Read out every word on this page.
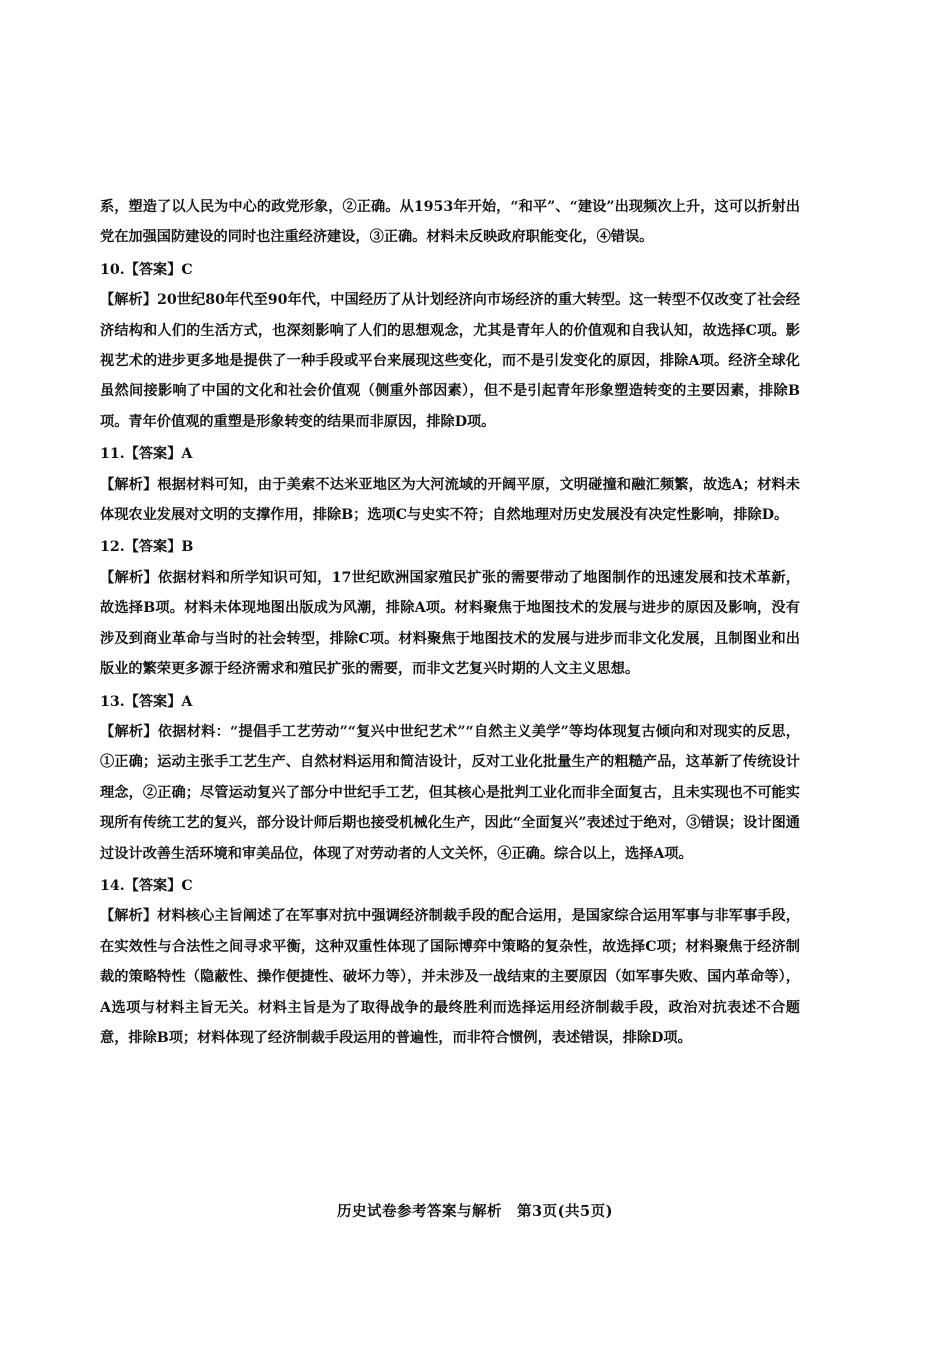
系，塑造了以人民为中心的政党形象，②正确。从1953年开始，“和平”、“建设”出现频次上升，这可以折射出党在加强国防建设的同时也注重经济建设，③正确。材料未反映政府职能变化，④错误。

10.【答案】C

【解析】20世纪80年代至90年代，中国经历了从计划经济向市场经济的重大转型。这一转型不仅改变了社会经济结构和人们的生活方式，也深刻影响了人们的思想观念，尤其是青年人的价值观和自我认知，故选择C项。影视艺术的进步更多地是提供了一种手段或平台来展现这些变化，而不是引发变化的原因，排除A项。经济全球化虽然间接影响了中国的文化和社会价值观（侧重外部因素），但不是引起青年形象塑造转变的主要因素，排除B项。青年价值观的重塑是形象转变的结果而非原因，排除D项。

11.【答案】A

【解析】根据材料可知，由于美索不达米亚地区为大河流域的开阔平原，文明碰撞和融汇频繁，故选A；材料未体现农业发展对文明的支撑作用，排除B；选项C与史实不符；自然地理对历史发展没有决定性影响，排除D。

12.【答案】B

【解析】依据材料和所学知识可知，17世纪欧洲国家殖民扩张的需要带动了地图制作的迅速发展和技术革新，故选择B项。材料未体现地图出版成为风潮，排除A项。材料聚焦于地图技术的发展与进步的原因及影响，没有涉及到商业革命与当时的社会转型，排除C项。材料聚焦于地图技术的发展与进步而非文化发展，且制图业和出版业的繁荣更多源于经济需求和殖民扩张的需要，而非文艺复兴时期的人文主义思想。

13.【答案】A

【解析】依据材料：“提倡手工艺劳动”“复兴中世纪艺术”“自然主义美学”等均体现复古倾向和对现实的反思，①正确；运动主张手工艺生产、自然材料运用和简洁设计，反对工业化批量生产的粗糙产品，这革新了传统设计理念，②正确；尽管运动复兴了部分中世纪手工艺，但其核心是批判工业化而非全面复古，且未实现也不可能实现所有传统工艺的复兴，部分设计师后期也接受机械化生产，因此“全面复兴”表述过于绝对，③错误；设计图通过设计改善生活环境和审美品位，体现了对劳动者的人文关怀，④正确。综合以上，选择A项。

14.【答案】C

【解析】材料核心主旨阐述了在军事对抗中强调经济制裁手段的配合运用，是国家综合运用军事与非军事手段，在实效性与合法性之间寻求平衡，这种双重性体现了国际博弈中策略的复杂性，故选择C项；材料聚焦于经济制裁的策略特性（隐蔽性、操作便捷性、破坏力等），并未涉及一战结束的主要原因（如军事失败、国内革命等），A选项与材料主旨无关。材料主旨是为了取得战争的最终胜利而选择运用经济制裁手段，政治对抗表述不合题意，排除B项；材料体现了经济制裁手段运用的普遍性，而非符合惯例，表述错误，排除D项。

历史试卷参考答案与解析　第3页(共5页)
